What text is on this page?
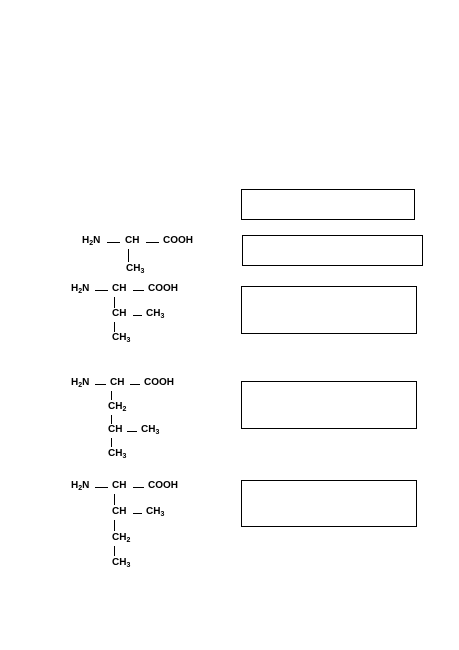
$H_2N$ CH COOH
$CH_3$
$H_2N$ CH COOH
CH $CH_3$
$CH_3$
$H_2N$ CH COOH
$CH_2$
CH $CH_3$
$CH_3$
$H_2N$ CH COOH
CH $CH_3$
$CH_2$
$CH_3$
